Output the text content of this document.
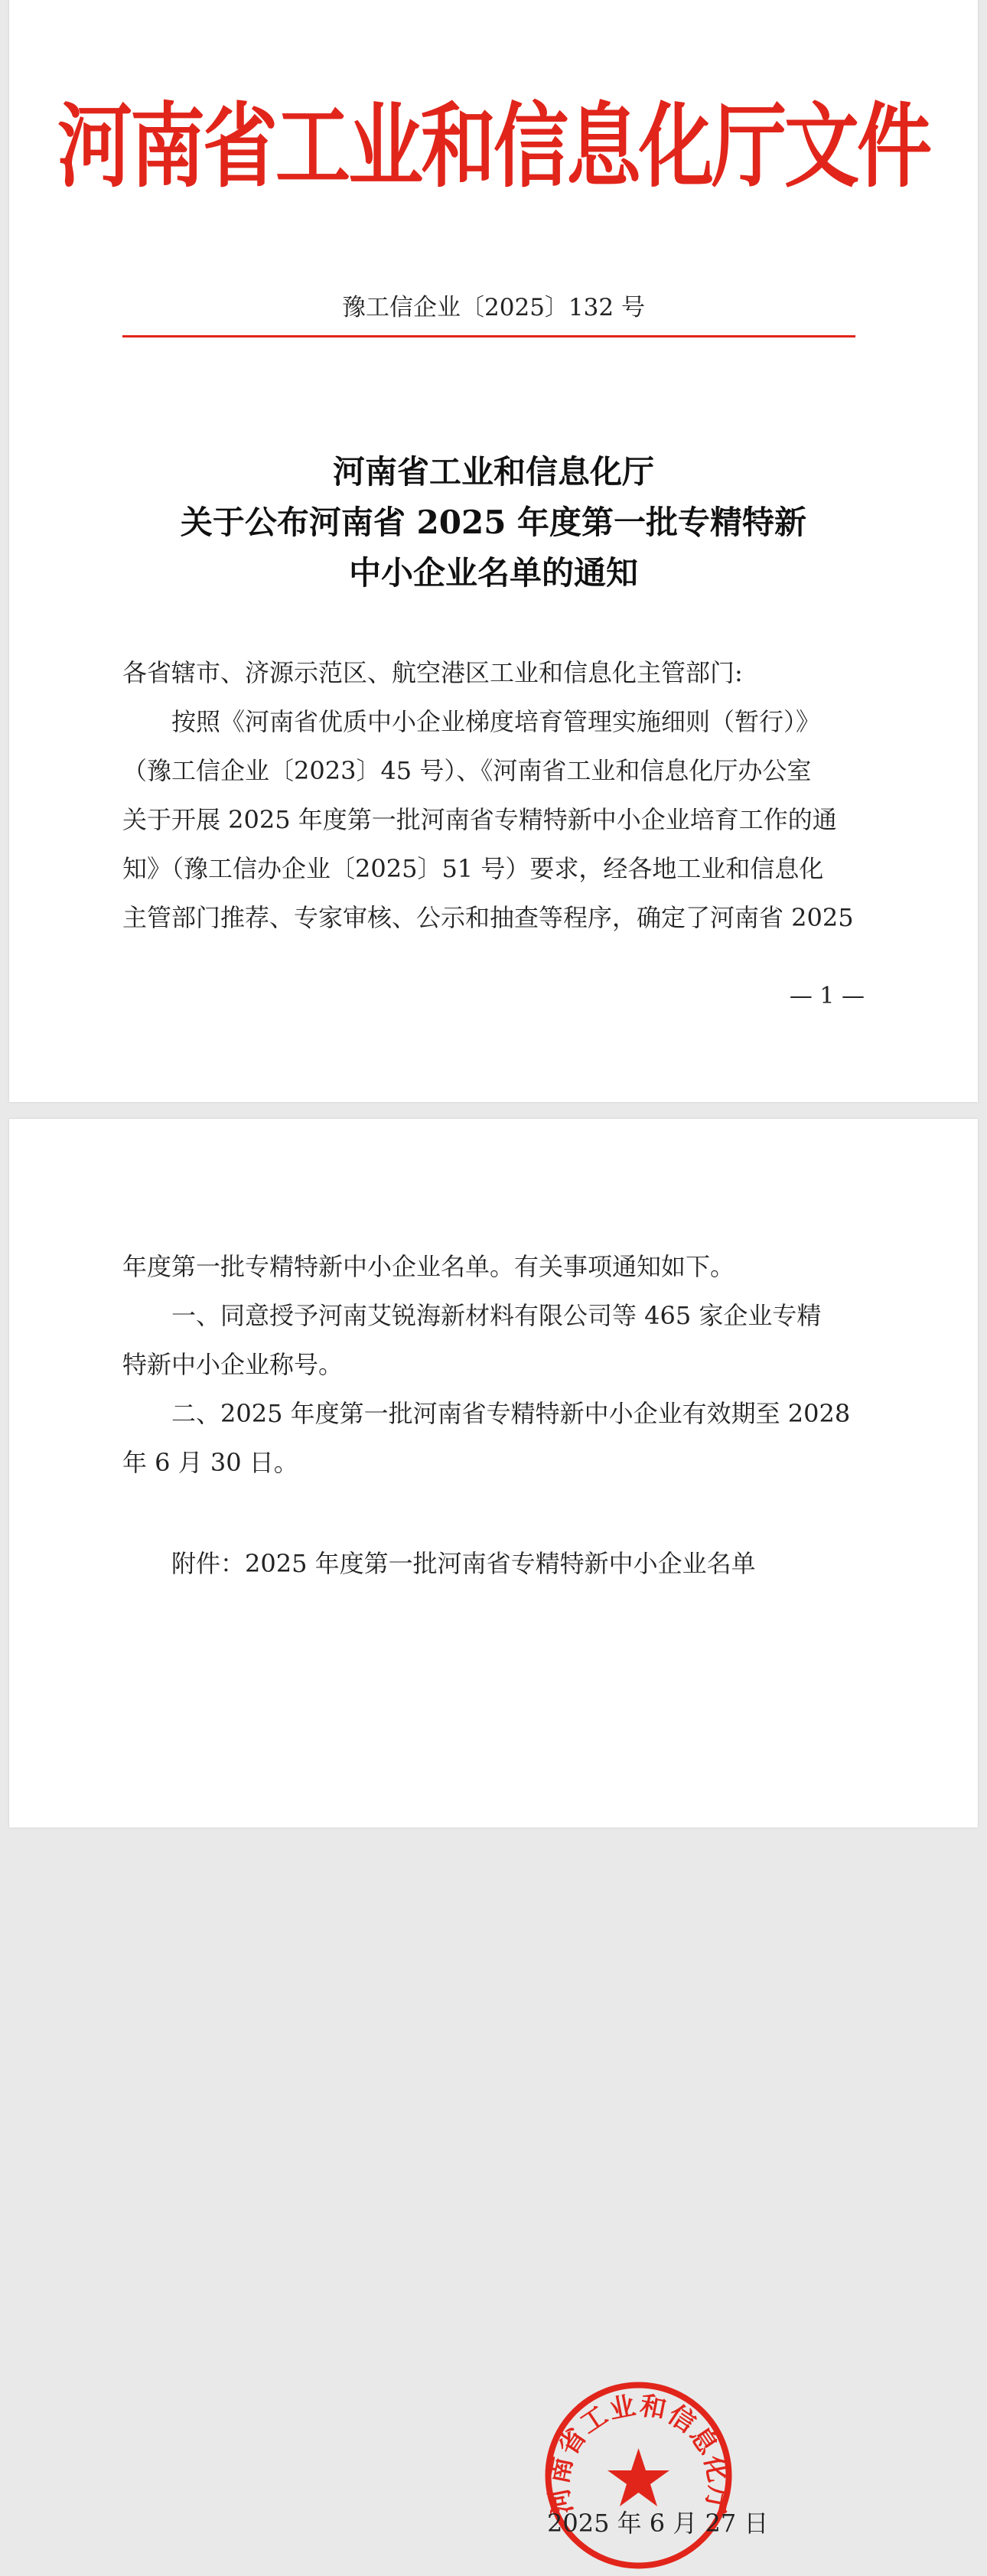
河南省工业和信息化厅文件
豫工信企业〔2025〕132 号
河南省工业和信息化厅
关于公布河南省 2025 年度第一批专精特新
中小企业名单的通知
各省辖市、济源示范区、航空港区工业和信息化主管部门:
按照《河南省优质中小企业梯度培育管理实施细则（暂行）》
（豫工信企业〔2023〕45 号）、《河南省工业和信息化厅办公室
关于开展 2025 年度第一批河南省专精特新中小企业培育工作的通
知》（豫工信办企业〔2025〕51 号）要求，经各地工业和信息化
主管部门推荐、专家审核、公示和抽查等程序，确定了河南省 2025
— 1 —
年度第一批专精特新中小企业名单。有关事项通知如下。
一、同意授予河南艾锐海新材料有限公司等 465 家企业专精
特新中小企业称号。
二、2025 年度第一批河南省专精特新中小企业有效期至 2028
年 6 月 30 日。
附件：2025 年度第一批河南省专精特新中小企业名单
河南省工业和信息化厅
2025 年 6 月 27 日
